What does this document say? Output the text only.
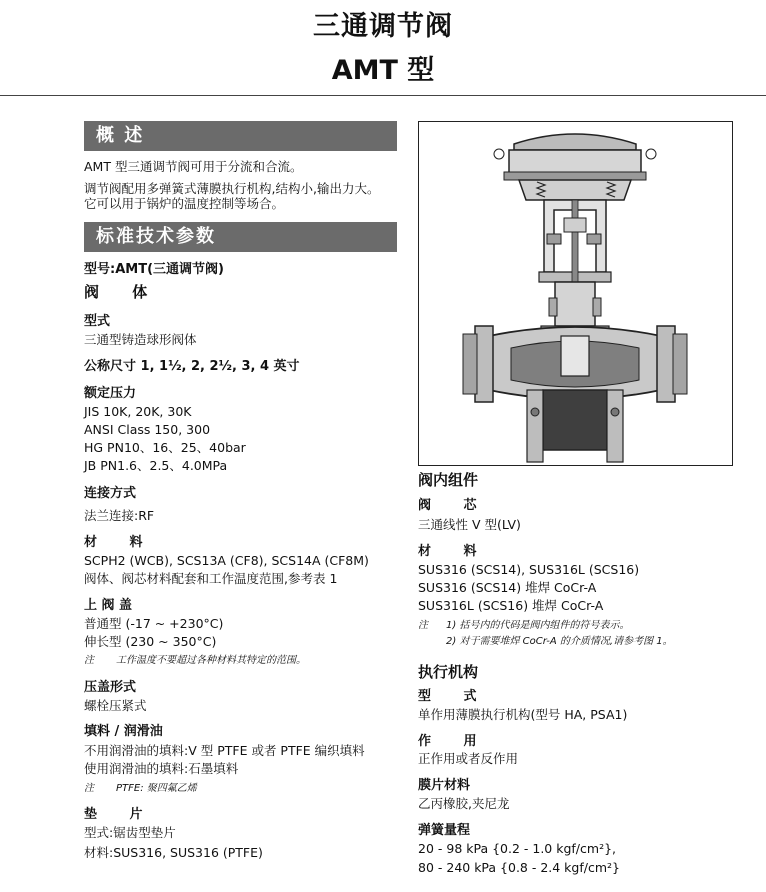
三通调节阀
AMT 型
概 述
AMT 型三通调节阀可用于分流和合流。
调节阀配用多弹簧式薄膜执行机构,结构小,输出力大。
它可以用于锅炉的温度控制等场合。
标准技术参数
型号:AMT(三通调节阀)
阀 体
型式
三通型铸造球形阀体
公称尺寸 1, 1½, 2, 2½, 3, 4 英寸
额定压力
JIS 10K, 20K, 30K
ANSI Class 150, 300
HG PN10、16、25、40bar
JB PN1.6、2.5、4.0MPa
连接方式
法兰连接:RF
材 料
SCPH2 (WCB), SCS13A (CF8), SCS14A (CF8M)
阀体、阀芯材料配套和工作温度范围,参考表 1
上 阀 盖
普通型 (-17 ~ +230°C)
伸长型 (230 ~ 350°C)
注 工作温度不要超过各种材料其特定的范围。
压盖形式
螺栓压紧式
填料 / 润滑油
不用润滑油的填料:V 型 PTFE 或者 PTFE 编织填料
使用润滑油的填料:石墨填料
注 PTFE: 聚四氟乙烯
垫 片
型式:锯齿型垫片
材料:SUS316, SUS316 (PTFE)
阀内组件
阀 芯
三通线性 V 型(LV)
材 料
SUS316 (SCS14), SUS316L (SCS16)
SUS316 (SCS14) 堆焊 CoCr-A
SUS316L (SCS16) 堆焊 CoCr-A
注 1) 括号内的代码是阀内组件的符号表示。
2) 对于需要堆焊 CoCr-A 的介质情况,请参考图 1。
执行机构
型 式
单作用薄膜执行机构(型号 HA, PSA1)
作 用
正作用或者反作用
膜片材料
乙丙橡胶,夹尼龙
弹簧量程
20 - 98 kPa {0.2 - 1.0 kgf/cm²},
80 - 240 kPa {0.8 - 2.4 kgf/cm²}
